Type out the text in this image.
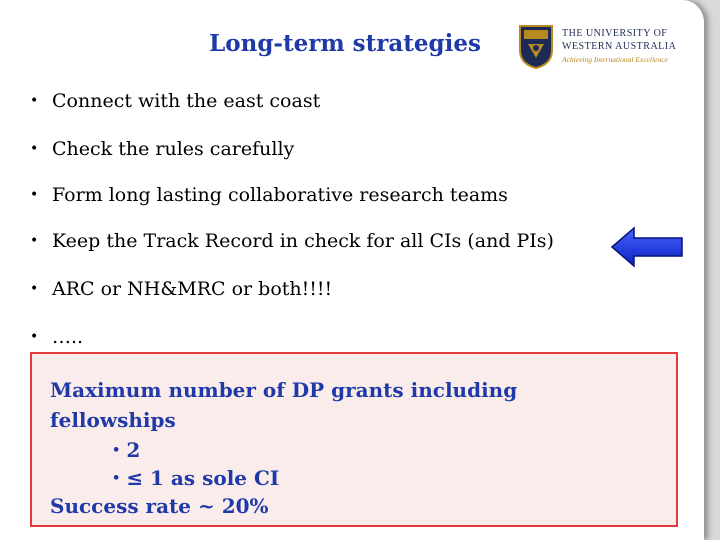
Long-term strategies	THE UNIVERSITY OF
WESTERN AUSTRALIA
Achieving International Excellence
• Connect with the east coast
• Check the rules carefully
• Form long lasting collaborative research teams
• Keep the Track Record in check for all CIs (and PIs)
• ARC or NH&MRC or both!!!!
• …..
Maximum number of DP grants including
fellowships
• 2
• ≤ 1 as sole CI
Success rate ~ 20%
